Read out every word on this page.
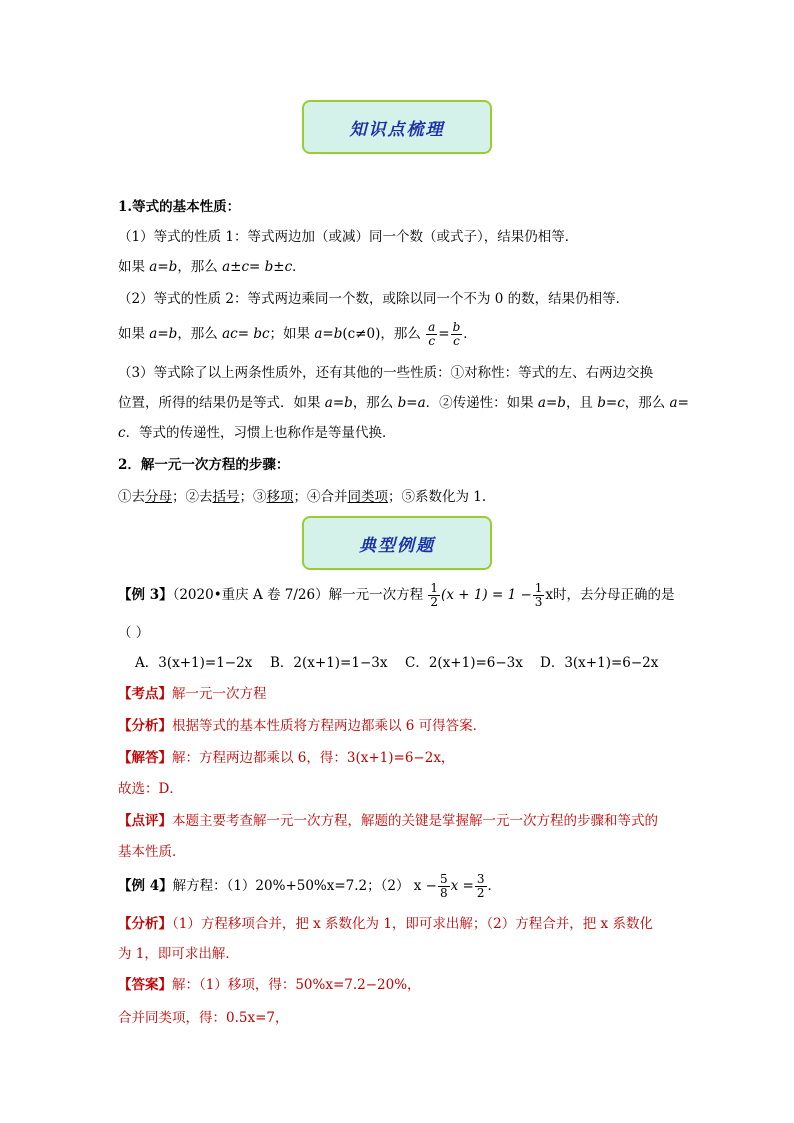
知识点梳理
1.等式的基本性质：
（1）等式的性质 1：等式两边加（或减）同一个数（或式子），结果仍相等．
如果 a=b，那么 a±c= b±c．
（2）等式的性质 2：等式两边乘同一个数，或除以同一个不为 0 的数，结果仍相等．
如果 a=b，那么 ac= bc；如果 a=b(c≠0)，那么 $\frac{a}{c} = \frac{b}{c}$ ．
（3）等式除了以上两条性质外，还有其他的一些性质：①对称性：等式的左、右两边交换
位置，所得的结果仍是等式．如果 a=b，那么 b=a．②传递性：如果 a=b，且 b=c，那么 a=
c．等式的传递性，习惯上也称作是等量代换．
2．解一元一次方程的步骤：
①去分母；②去括号；③移项；④合并同类项；⑤系数化为 1.
典型例题
【例 3】（2020•重庆 A 卷 7/26）解一元一次方程 $\frac{1}{2} (x + 1) = 1 - \frac{1}{3}$ x时，去分母正确的是
（ ）
A．3(x+1)=1−2x B．2(x+1)=1−3x C．2(x+1)=6−3x D．3(x+1)=6−2x
【考点】解一元一次方程
【分析】根据等式的基本性质将方程两边都乘以 6 可得答案．
【解答】解：方程两边都乘以 6，得：3(x+1)=6−2x，
故选：D．
【点评】本题主要考查解一元一次方程，解题的关键是掌握解一元一次方程的步骤和等式的
基本性质．
【例 4】解方程：（1）20%+50%x=7.2；（2） $x - \frac{5}{8}$ $x = \frac{3}{2}$ ．
【分析】（1）方程移项合并，把 x 系数化为 1，即可求出解；（2）方程合并，把 x 系数化
为 1，即可求出解．
【答案】解：（1）移项，得：50%x=7.2−20%，
合并同类项，得：0.5x=7，
